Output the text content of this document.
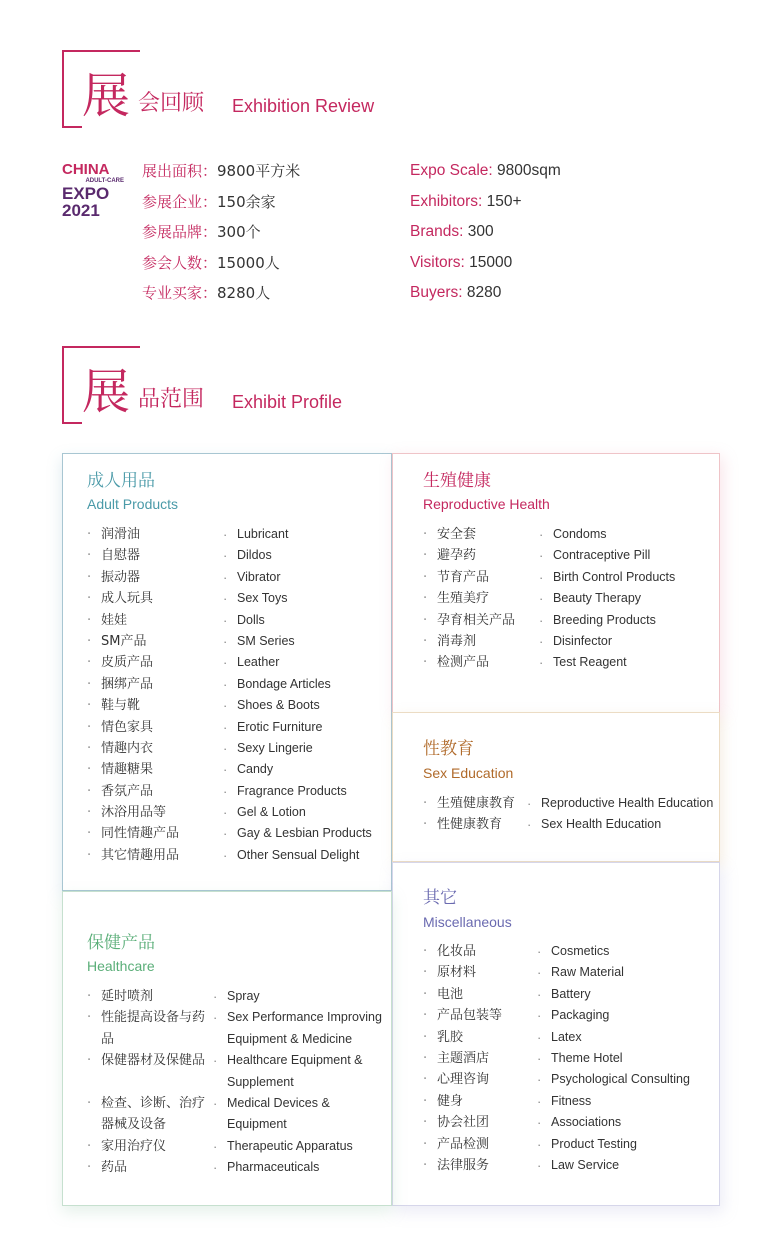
展 会回顾 Exhibition Review
CHINA
ADULT-CARE
EXPO
2021
展出面积：9800平方米
参展企业：150余家
参展品牌：300个
参会人数：15000人
专业买家：8280人
Expo Scale: 9800sqm
Exhibitors: 150+
Brands: 300
Visitors: 15000
Buyers: 8280
展 品范围 Exhibit Profile
成人用品
Adult Products
· 润滑油
· 自慰器
· 振动器
· 成人玩具
· 娃娃
· SM产品
· 皮质产品
· 捆绑产品
· 鞋与靴
· 情色家具
· 情趣内衣
· 情趣糖果
· 香氛产品
· 沐浴用品等
· 同性情趣产品
· 其它情趣用品
· Lubricant
· Dildos
· Vibrator
· Sex Toys
· Dolls
· SM Series
· Leather
· Bondage Articles
· Shoes & Boots
· Erotic Furniture
· Sexy Lingerie
· Candy
· Fragrance Products
· Gel & Lotion
· Gay & Lesbian Products
· Other Sensual Delight
生殖健康
Reproductive Health
· 安全套
· 避孕药
· 节育产品
· 生殖美疗
· 孕育相关产品
· 消毒剂
· 检测产品
· Condoms
· Contraceptive Pill
· Birth Control Products
· Beauty Therapy
· Breeding Products
· Disinfector
· Test Reagent
性教育
Sex Education
· 生殖健康教育
· 性健康教育
· Reproductive Health Education
· Sex Health Education
其它
Miscellaneous
· 化妆品
· 原材料
· 电池
· 产品包装等
· 乳胶
· 主题酒店
· 心理咨询
· 健身
· 协会社团
· 产品检测
· 法律服务
· Cosmetics
· Raw Material
· Battery
· Packaging
· Latex
· Theme Hotel
· Psychological Consulting
· Fitness
· Associations
· Product Testing
· Law Service
保健产品
Healthcare
· 延时喷剂
· 性能提高设备与药品
· 保健器材及保健品
· 检查、诊断、治疗器械及设备
· 家用治疗仪
· 药品
· Spray
· Sex Performance Improving Equipment & Medicine
· Healthcare Equipment & Supplement
· Medical Devices & Equipment
· Therapeutic Apparatus
· Pharmaceuticals
